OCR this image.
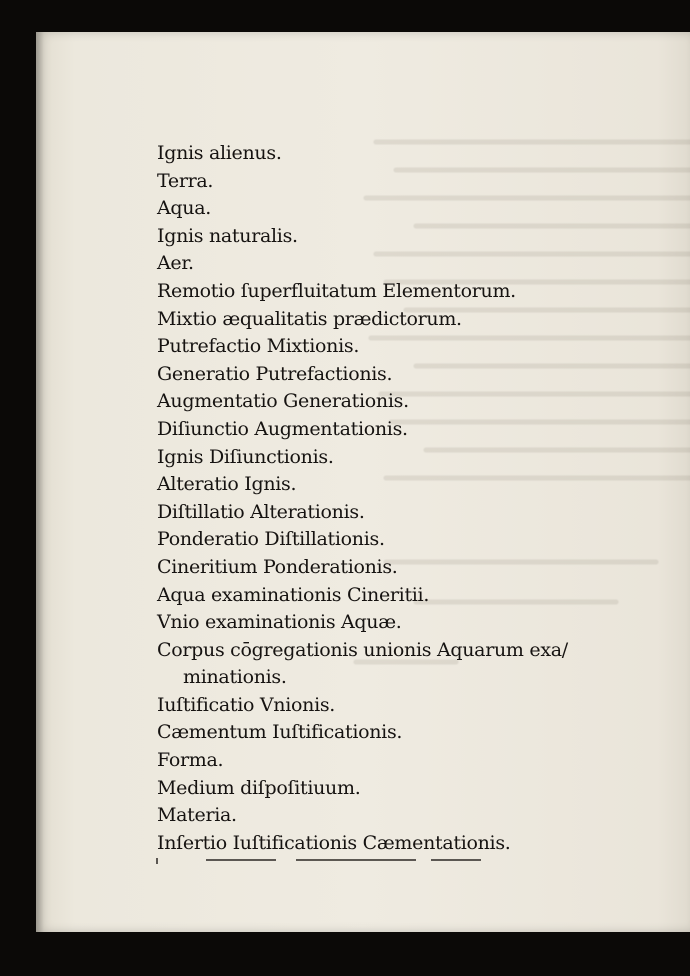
Ignis alienus.
Terra.
Aqua.
Ignis naturalis.
Aer.
Remotio ſuperfluitatum Elementorum.
Mixtio æqualitatis prædictorum.
Putrefactio Mixtionis.
Generatio Putrefactionis.
Augmentatio Generationis.
Diſiunctio Augmentationis.
Ignis Diſiunctionis.
Alteratio Ignis.
Diſtillatio Alterationis.
Ponderatio Diſtillationis.
Cineritium Ponderationis.
Aqua examinationis Cineritii.
Vnio examinationis Aquæ.
Corpus cōgregationis unionis Aquarum exa/
minationis.
Iuſtificatio Vnionis.
Cæmentum Iuſtificationis.
Forma.
Medium diſpoſitiuum.
Materia.
Inſertio Iuſtificationis Cæmentationis.
